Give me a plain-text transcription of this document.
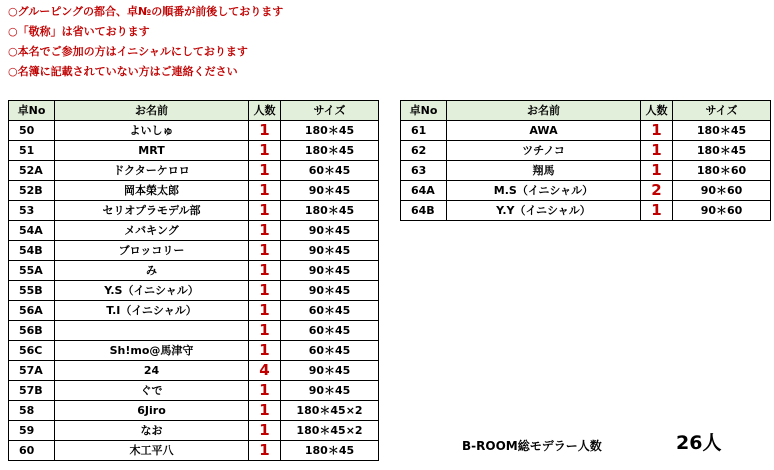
○グルーピングの都合、卓№の順番が前後しております
○「敬称」は省いております
○本名でご参加の方はイニシャルにしております
○名簿に記載されていない方はご連絡ください
卓No	お名前	人数	サイズ
50	よいしゅ	1	180＊45
51	MRT	1	180＊45
52A	ドクターケロロ	1	60＊45
52B	岡本榮太郎	1	90＊45
53	セリオプラモデル部	1	180＊45
54A	メバキング	1	90＊45
54B	ブロッコリー	1	90＊45
55A	み	1	90＊45
55B	Y.S（イニシャル）	1	90＊45
56A	T.I（イニシャル）	1	60＊45
56B		1	60＊45
56C	Sh!mo@馬津守	1	60＊45
57A	24	4	90＊45
57B	ぐで	1	90＊45
58	6Jiro	1	180＊45×2
59	なお	1	180＊45×2
60	木工平八	1	180＊45
卓No	お名前	人数	サイズ
61	AWA	1	180＊45
62	ツチノコ	1	180＊45
63	翔馬	1	180＊60
64A	M.S（イニシャル）	2	90＊60
64B	Y.Y（イニシャル）	1	90＊60
B-ROOM総モデラー人数	26人
